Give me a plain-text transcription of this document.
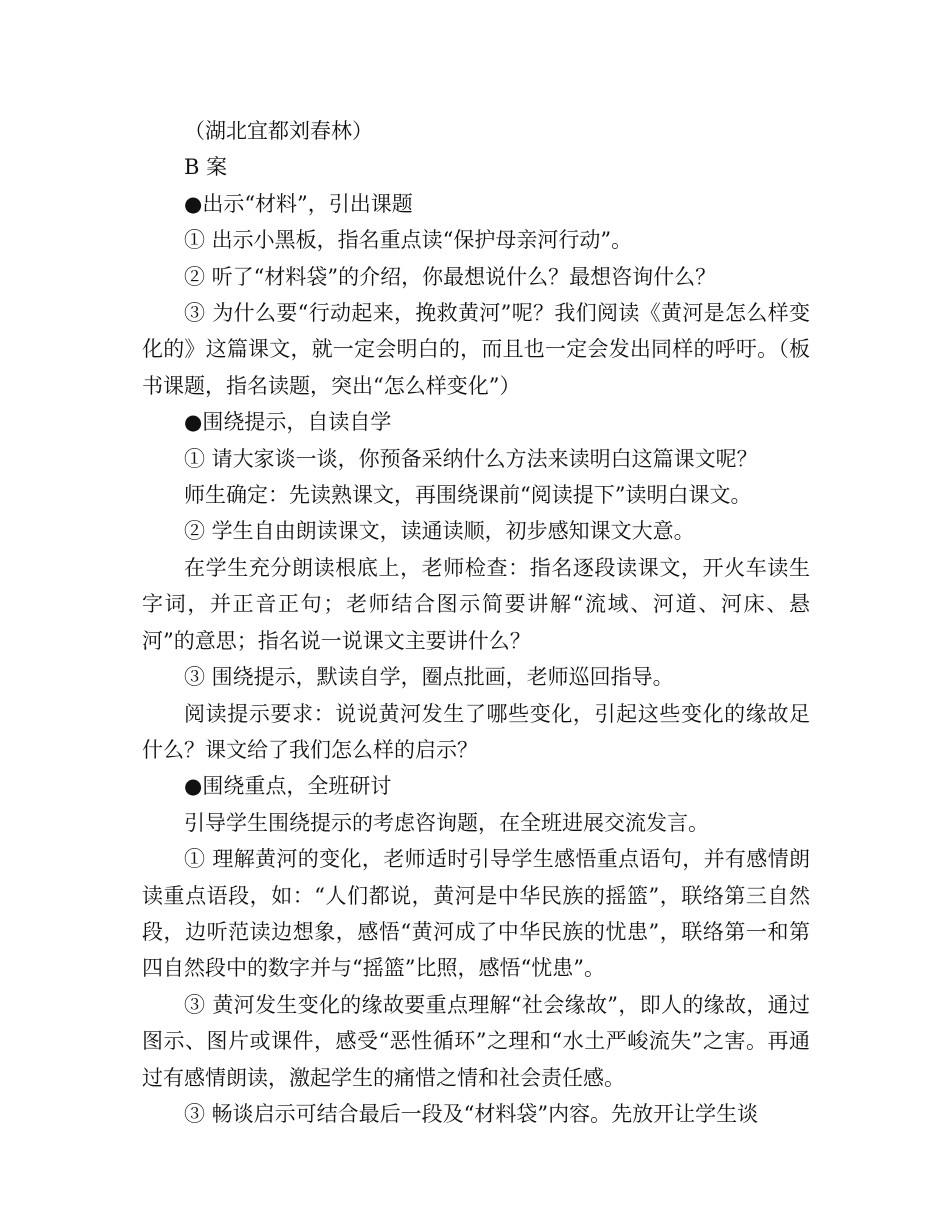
（湖北宜都刘春林）

B 案

●出示“材料”，引出课题

① 出示小黑板，指名重点读“保护母亲河行动”。

② 听了“材料袋”的介绍，你最想说什么？最想咨询什么？

③ 为什么要“行动起来，挽救黄河”呢？我们阅读《黄河是怎么样变化的》这篇课文，就一定会明白的，而且也一定会发出同样的呼吁。（板书课题，指名读题，突出“怎么样变化”）

●围绕提示，自读自学

① 请大家谈一谈，你预备采纳什么方法来读明白这篇课文呢？

师生确定：先读熟课文，再围绕课前“阅读提下”读明白课文。

② 学生自由朗读课文，读通读顺，初步感知课文大意。

在学生充分朗读根底上，老师检查：指名逐段读课文，开火车读生字词，并正音正句；老师结合图示简要讲解“流域、河道、河床、悬河”的意思；指名说一说课文主要讲什么？

③ 围绕提示，默读自学，圈点批画，老师巡回指导。

阅读提示要求：说说黄河发生了哪些变化，引起这些变化的缘故足什么？课文给了我们怎么样的启示？

●围绕重点，全班研讨

引导学生围绕提示的考虑咨询题，在全班进展交流发言。

① 理解黄河的变化，老师适时引导学生感悟重点语句，并有感情朗读重点语段，如：“人们都说，黄河是中华民族的摇篮”，联络第三自然段，边听范读边想象，感悟“黄河成了中华民族的忧患”，联络第一和第四自然段中的数字并与“摇篮”比照，感悟“忧患”。

③ 黄河发生变化的缘故要重点理解“社会缘故”，即人的缘故，通过图示、图片或课件，感受“恶性循环”之理和“水土严峻流失”之害。再通过有感情朗读，激起学生的痛惜之情和社会责任感。

③ 畅谈启示可结合最后一段及“材料袋”内容。先放开让学生谈
